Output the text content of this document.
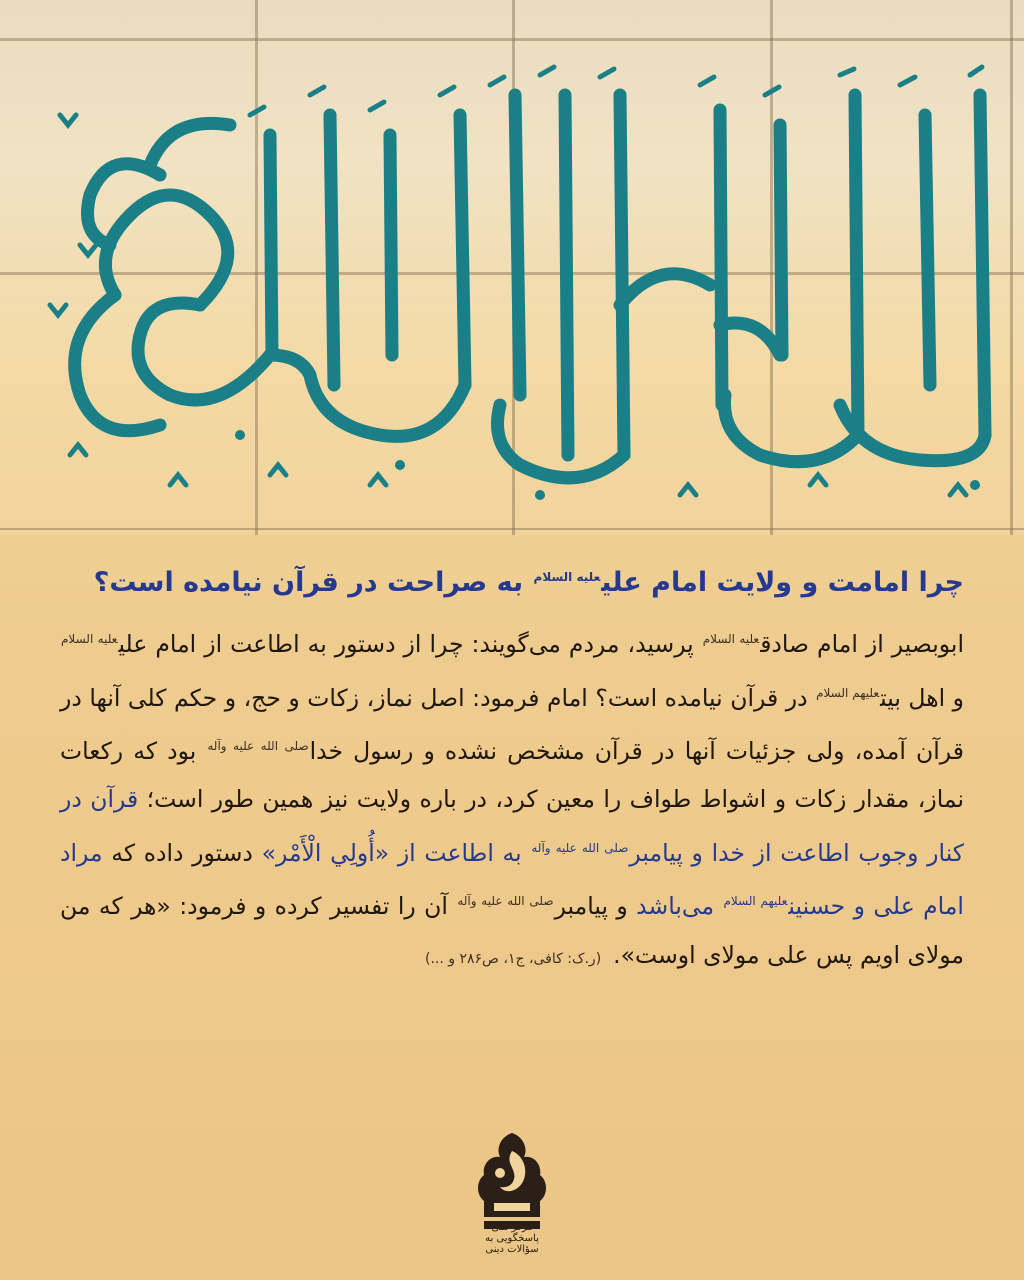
چرا امامت و ولایت امام علی$^{عليه السلام}$ به صراحت در قرآن نیامده است؟

ابوبصیر از امام صادق$^{عليه السلام}$ پرسید، مردم می‌گویند: چرا از دستور به اطاعت از امام علی$^{عليه السلام}$ و اهل بیت$^{عليهم السلام}$ در قرآن نیامده است؟ امام فرمود: اصل نماز، زکات و حج، و حکم کلی آنها در قرآن آمده، ولی جزئیات آنها در قرآن مشخص نشده و رسول خدا$^{صلى الله عليه وآله}$ بود که رکعات نماز، مقدار زکات و اشواط طواف را معین کرد، در باره ولایت نیز همین طور است؛ قرآن در کنار وجوب اطاعت از خدا و پیامبر$^{صلى الله عليه وآله}$ به اطاعت از «أُولِي الْأَمْر» دستور داده که مراد امام علی و حسنین$^{عليهم السلام}$ می‌باشد و پیامبر$^{صلى الله عليه وآله}$ آن را تفسیر کرده و فرمود: «هر که من مولای اویم پس علی مولای اوست».(ر.ک: کافی، ج۱، ص۲۸۶ و ...)

مرکز ملی پاسخگویی به سؤالات دینی
